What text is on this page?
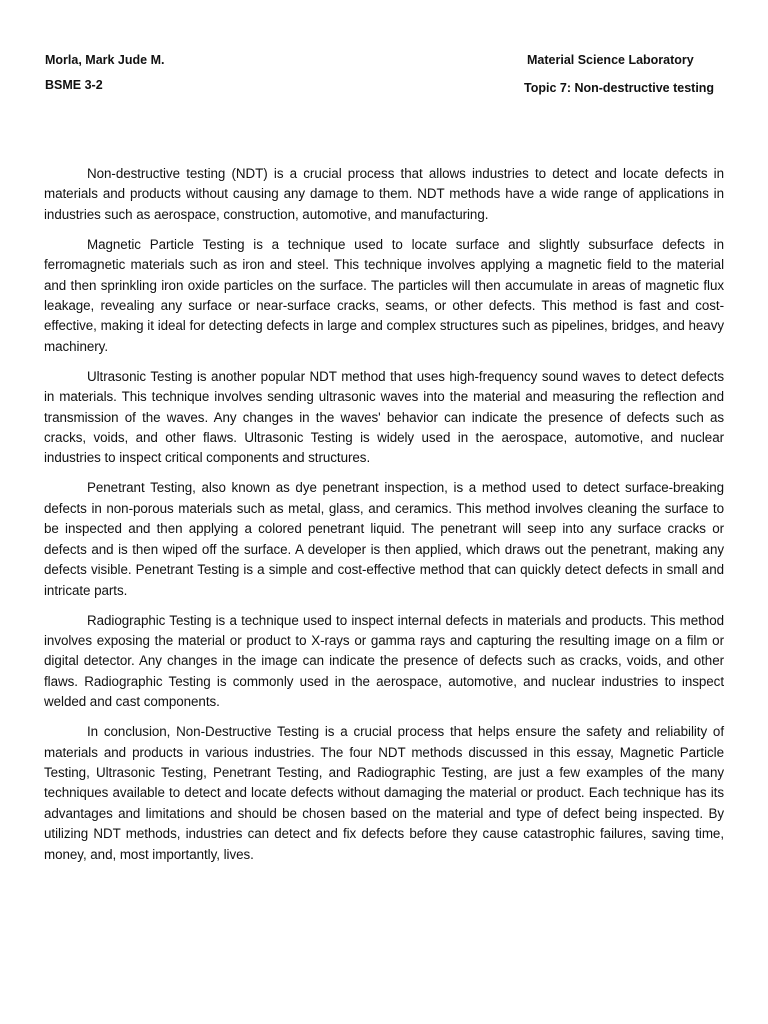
Morla, Mark Jude M.
BSME 3-2
Material Science Laboratory
Topic 7: Non-destructive testing

Non-destructive testing (NDT) is a crucial process that allows industries to detect and locate defects in materials and products without causing any damage to them. NDT methods have a wide range of applications in industries such as aerospace, construction, automotive, and manufacturing.

Magnetic Particle Testing is a technique used to locate surface and slightly subsurface defects in ferromagnetic materials such as iron and steel. This technique involves applying a magnetic field to the material and then sprinkling iron oxide particles on the surface. The particles will then accumulate in areas of magnetic flux leakage, revealing any surface or near-surface cracks, seams, or other defects. This method is fast and cost-effective, making it ideal for detecting defects in large and complex structures such as pipelines, bridges, and heavy machinery.

Ultrasonic Testing is another popular NDT method that uses high-frequency sound waves to detect defects in materials. This technique involves sending ultrasonic waves into the material and measuring the reflection and transmission of the waves. Any changes in the waves' behavior can indicate the presence of defects such as cracks, voids, and other flaws. Ultrasonic Testing is widely used in the aerospace, automotive, and nuclear industries to inspect critical components and structures.

Penetrant Testing, also known as dye penetrant inspection, is a method used to detect surface-breaking defects in non-porous materials such as metal, glass, and ceramics. This method involves cleaning the surface to be inspected and then applying a colored penetrant liquid. The penetrant will seep into any surface cracks or defects and is then wiped off the surface. A developer is then applied, which draws out the penetrant, making any defects visible. Penetrant Testing is a simple and cost-effective method that can quickly detect defects in small and intricate parts.

Radiographic Testing is a technique used to inspect internal defects in materials and products. This method involves exposing the material or product to X-rays or gamma rays and capturing the resulting image on a film or digital detector. Any changes in the image can indicate the presence of defects such as cracks, voids, and other flaws. Radiographic Testing is commonly used in the aerospace, automotive, and nuclear industries to inspect welded and cast components.

In conclusion, Non-Destructive Testing is a crucial process that helps ensure the safety and reliability of materials and products in various industries. The four NDT methods discussed in this essay, Magnetic Particle Testing, Ultrasonic Testing, Penetrant Testing, and Radiographic Testing, are just a few examples of the many techniques available to detect and locate defects without damaging the material or product. Each technique has its advantages and limitations and should be chosen based on the material and type of defect being inspected. By utilizing NDT methods, industries can detect and fix defects before they cause catastrophic failures, saving time, money, and, most importantly, lives.
